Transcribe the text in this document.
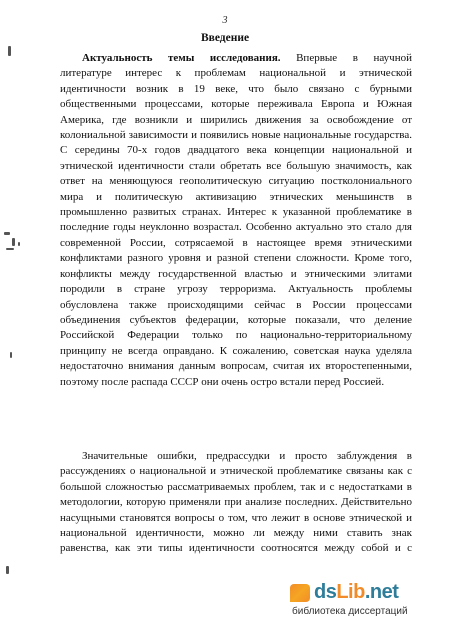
3
Введение
Актуальность темы исследования. Впервые в научной
литературе интерес к проблемам национальной и этнической
идентичности возник в 19 веке, что было связано с бурными
общественными процессами, которые переживала Европа и Южная
Америка, где возникли и ширились движения за освобождение от
колониальной зависимости и появились новые национальные государства.
С середины 70-х годов двадцатого века концепции национальной и
этнической идентичности стали обретать все большую значимость, как
ответ на меняющуюся геополитическую ситуацию постколониального
мира и политическую активизацию этнических меньшинств в
промышленно развитых странах. Интерес к указанной проблематике в
последние годы неуклонно возрастал. Особенно актуально это стало для
современной России, сотрясаемой в настоящее время этническими
конфликтами разного уровня и разной степени сложности. Кроме того,
конфликты между государственной властью и этническими элитами
породили в стране угрозу терроризма. Актуальность проблемы
обусловлена также происходящими сейчас в России процессами
объединения субъектов федерации, которые показали, что деление
Российской Федерации только по национально-территориальному
принципу не всегда оправдано. К сожалению, советская наука уделяла
недостаточно внимания данным вопросам, считая их второстепенными,
поэтому после распада СССР они очень остро встали перед Россией.
Значительные ошибки, предрассудки и просто заблуждения в
рассуждениях о национальной и этнической проблематике связаны как с
большой сложностью рассматриваемых проблем, так и с недостатками в
методологии, которую применяли при анализе последних. Действительно
насущными становятся вопросы о том, что лежит в основе этнической и
национальной идентичности, можно ли между ними ставить знак
равенства, как эти типы идентичности соотносятся между собой и с
dsLib.net
библиотека диссертаций
